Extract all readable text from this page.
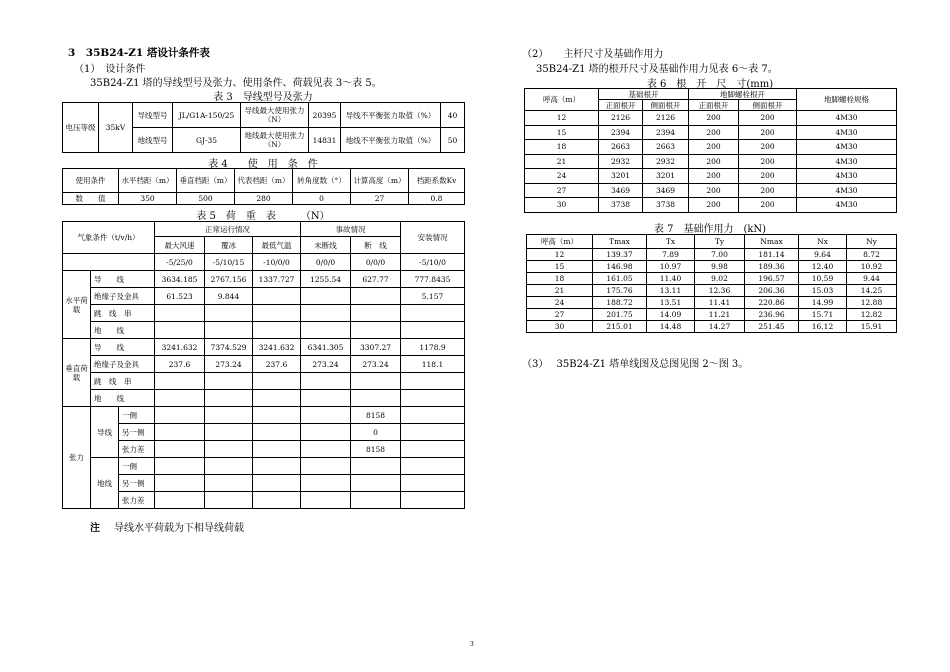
3　35B24-Z1 塔设计条件表
（1）　设计条件
35B24-Z1 塔的导线型号及张力、使用条件、荷载见表 3～表 5。
表 3　导线型号及张力
电压等级	35kV	导线型号	JL/G1A-150/25	导线最大使用张力（N）	20395	导线不平衡张力取值（%）	40
		地线型号	GJ-35	地线最大使用张力（N）	14831	地线不平衡张力取值（%）	50
表 4　　使　用　条　件
使用条件	水平档距（m）	垂直档距（m）	代表档距（m）	转角度数（°）	计算高度（m）	档距系数Kv
数　　值	350	500	280	0	27	0.8
表 5　荷　重　表　　　（N）
气象条件（t/v/h）			正常运行情况			事故情况		安装情况
			最大风速	覆冰	最低气温	未断线	断　线	
			-5/25/0	-5/10/15	-10/0/0	0/0/0	0/0/0	-5/10/0
水平荷载	导　　线		3634.185	2767.156	1337.727	1255.54	627.77	777.8435
	绝缘子及金具		61.523	9.844				5.157
	跳　线　串							
	地　　线							
垂直荷载	导　　线		3241.632	7374.529	3241.632	6341.305	3307.27	1178.9
	绝缘子及金具		237.6	273.24	237.6	273.24	273.24	118.1
	跳　线　串							
	地　　线							
张力	导线	一侧					8158	
		另一侧					0	
		张力差					8158	
	地线	一侧						
		另一侧						
		张力差						
注 导线水平荷载为下相导线荷载
（2）　　主杆尺寸及基础作用力
35B24-Z1 塔的根开尺寸及基础作用力见表 6～表 7。
表 6　根　开　尺　寸(mm)
呼高（m）	基础根开		地脚螺栓根开		地脚螺栓规格
	正面根开	侧面根开	正面根开	侧面根开	
12	2126	2126	200	200	4M30
15	2394	2394	200	200	4M30
18	2663	2663	200	200	4M30
21	2932	2932	200	200	4M30
24	3201	3201	200	200	4M30
27	3469	3469	200	200	4M30
30	3738	3738	200	200	4M30
表 7　基础作用力　(kN)
呼高（m）	Tmax	Tx	Ty	Nmax	Nx	Ny
12	139.37	7.89	7.00	181.14	9.64	8.72
15	146.98	10.97	9.98	189.36	12.40	10.92
18	161.05	11.40	9.02	196.57	10.59	9.44
21	175.76	13.11	12.36	206.36	15.03	14.25
24	188.72	13.51	11.41	220.86	14.99	12.88
27	201.75	14.09	11.21	236.96	15.71	12.82
30	215.01	14.48	14.27	251.45	16.12	15.91
（3）　 35B24-Z1 塔单线图及总图见图 2～图 3。
3
